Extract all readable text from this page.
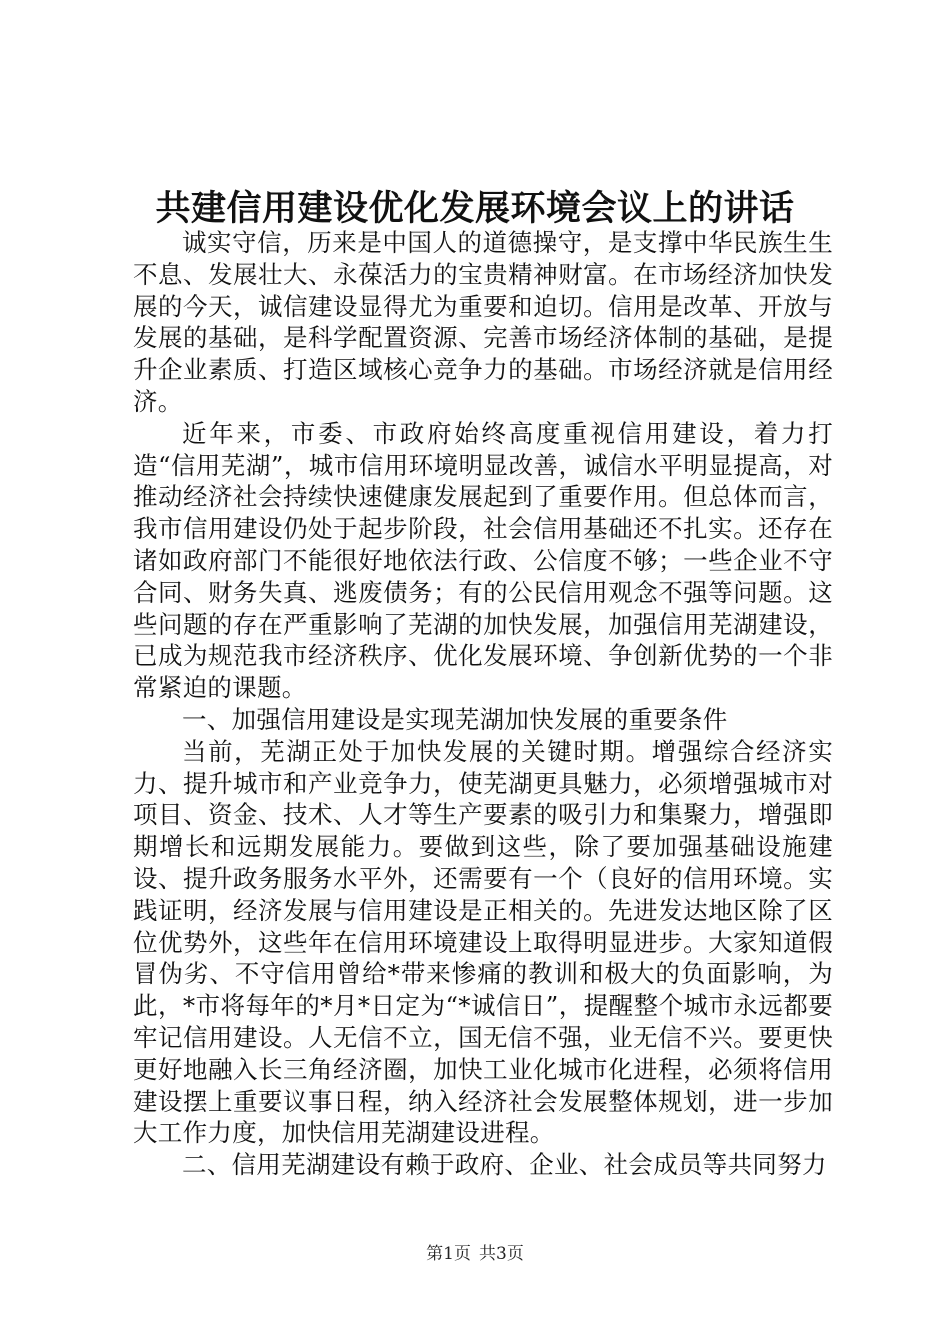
共建信用建设优化发展环境会议上的讲话

诚实守信，历来是中国人的道德操守，是支撑中华民族生生不息、发展壮大、永葆活力的宝贵精神财富。在市场经济加快发展的今天，诚信建设显得尤为重要和迫切。信用是改革、开放与发展的基础，是科学配置资源、完善市场经济体制的基础，是提升企业素质、打造区域核心竞争力的基础。市场经济就是信用经济。

近年来，市委、市政府始终高度重视信用建设，着力打造“信用芜湖”，城市信用环境明显改善，诚信水平明显提高，对推动经济社会持续快速健康发展起到了重要作用。但总体而言，我市信用建设仍处于起步阶段，社会信用基础还不扎实。还存在诸如政府部门不能很好地依法行政、公信度不够；一些企业不守合同、财务失真、逃废债务；有的公民信用观念不强等问题。这些问题的存在严重影响了芜湖的加快发展，加强信用芜湖建设，已成为规范我市经济秩序、优化发展环境、争创新优势的一个非常紧迫的课题。

一、加强信用建设是实现芜湖加快发展的重要条件

当前，芜湖正处于加快发展的关键时期。增强综合经济实力、提升城市和产业竞争力，使芜湖更具魅力，必须增强城市对项目、资金、技术、人才等生产要素的吸引力和集聚力，增强即期增长和远期发展能力。要做到这些，除了要加强基础设施建设、提升政务服务水平外，还需要有一个（良好的信用环境。实践证明，经济发展与信用建设是正相关的。先进发达地区除了区位优势外，这些年在信用环境建设上取得明显进步。大家知道假冒伪劣、不守信用曾给*带来惨痛的教训和极大的负面影响，为此，*市将每年的*月*日定为“*诚信日”，提醒整个城市永远都要牢记信用建设。人无信不立，国无信不强，业无信不兴。要更快更好地融入长三角经济圈，加快工业化城市化进程，必须将信用建设摆上重要议事日程，纳入经济社会发展整体规划，进一步加大工作力度，加快信用芜湖建设进程。

二、信用芜湖建设有赖于政府、企业、社会成员等共同努力

第1页 共3页
